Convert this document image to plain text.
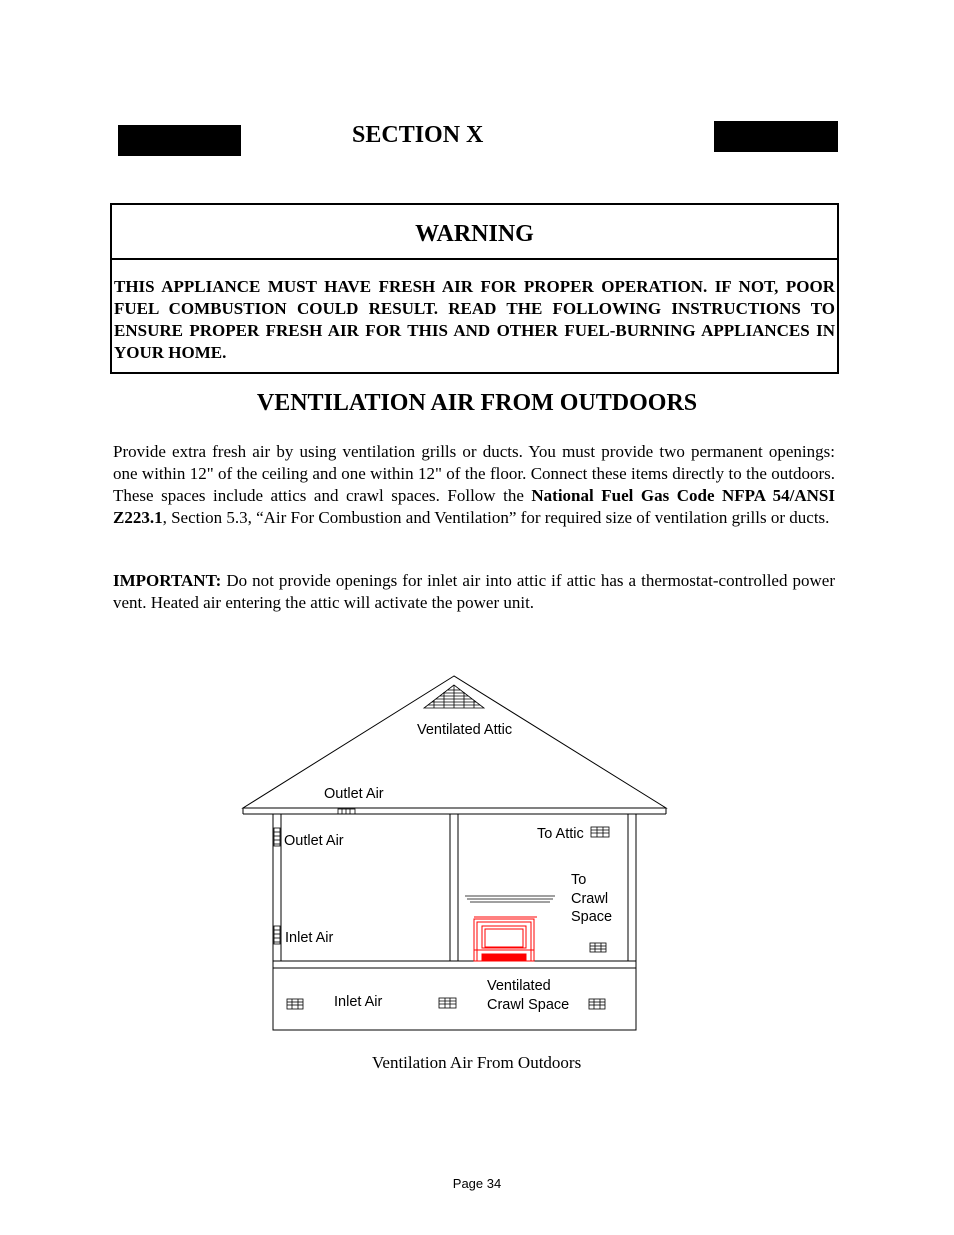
SECTION X
WARNING
THIS APPLIANCE MUST HAVE FRESH AIR FOR PROPER OPERATION. IF NOT, POOR FUEL COMBUSTION COULD RESULT. READ THE FOLLOWING INSTRUCTIONS TO ENSURE PROPER FRESH AIR FOR THIS AND OTHER FUEL-BURNING APPLIANCES IN YOUR HOME.
VENTILATION AIR FROM OUTDOORS
Provide extra fresh air by using ventilation grills or ducts. You must provide two permanent openings: one within 12" of the ceiling and one within 12" of the floor. Connect these items directly to the outdoors. These spaces include attics and crawl spaces. Follow the National Fuel Gas Code NFPA 54/ANSI Z223.1, Section 5.3, “Air For Combustion and Ventilation” for required size of ventilation grills or ducts.
IMPORTANT: Do not provide openings for inlet air into attic if attic has a thermostat-controlled power vent. Heated air entering the attic will activate the power unit.
Ventilated Attic
Outlet Air
Outlet Air
Inlet Air
To Attic
To
Crawl
Space
Inlet Air
Ventilated
Crawl Space
Ventilation Air From Outdoors
Page 34
